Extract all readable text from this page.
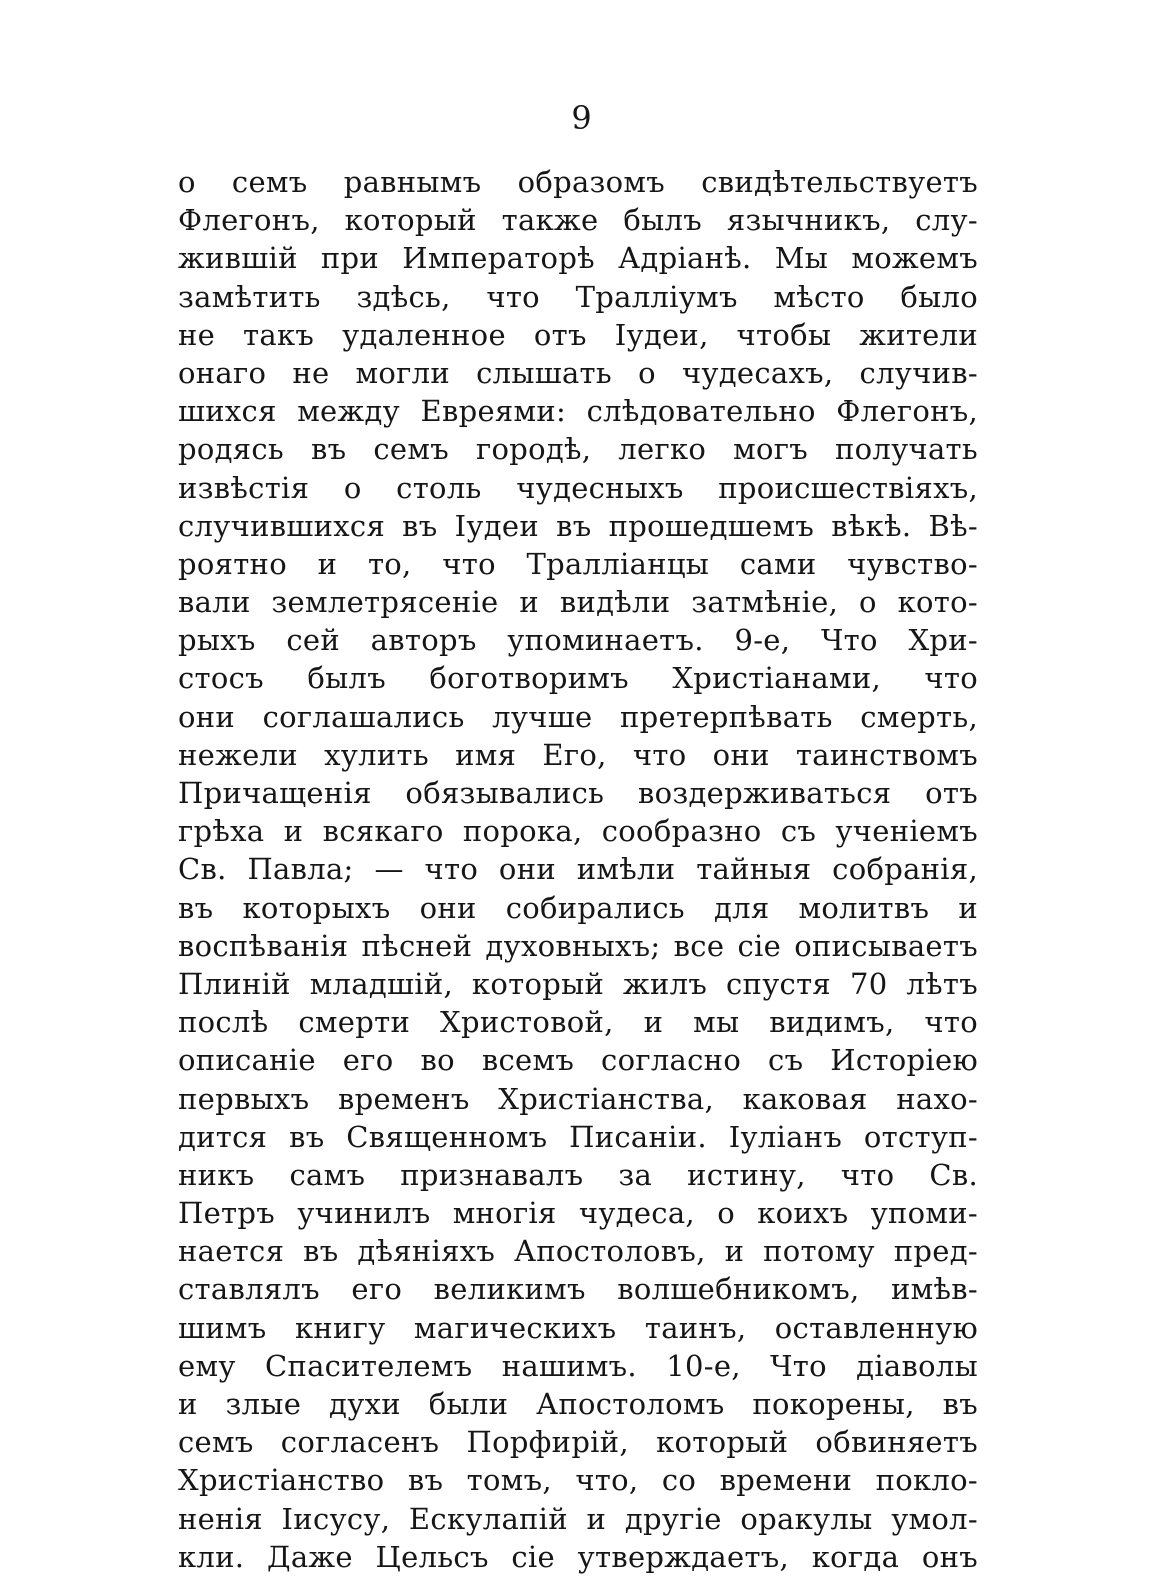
9
о семъ равнымъ образомъ свидѣтельствуетъ
Флегонъ, который также былъ язычникъ, слу-
жившій при Императорѣ Адріанѣ. Мы можемъ
замѣтить здѣсь, что Траллiумъ мѣсто было
не такъ удаленное отъ Іудеи, чтобы жители
онаго не могли слышать о чудесахъ, случив-
шихся между Евреями: слѣдовательно Флегонъ,
родясь въ семъ городѣ, легко могъ получать
извѣстія о столь чудесныхъ происшествіяхъ,
случившихся въ Іудеи въ прошедшемъ вѣкѣ. Вѣ-
роятно и то, что Тралліанцы сами чувство-
вали землетрясеніе и видѣли затмѣніе, о кото-
рыхъ сей авторъ упоминаетъ. 9-е, Что Хри-
стосъ былъ боготворимъ Христіанами, что
они соглашались лучше претерпѣвать смерть,
нежели хулить имя Его, что они таинствомъ
Причащенія обязывались воздерживаться отъ
грѣха и всякаго порока, сообразно съ ученіемъ
Св. Павла; — что они имѣли тайныя собранія,
въ которыхъ они собирались для молитвъ и
воспѣванія пѣсней духовныхъ; все сіе описываетъ
Плиній младшій, который жилъ спустя 70 лѣтъ
послѣ смерти Христовой, и мы видимъ, что
описаніе его во всемъ согласно съ Исторіею
первыхъ временъ Христіанства, каковая нахо-
дится въ Священномъ Писаніи. Іуліанъ отступ-
никъ самъ признавалъ за истину, что Св.
Петръ учинилъ многія чудеса, о коихъ упоми-
нается въ дѣяніяхъ Апостоловъ, и потому пред-
ставлялъ его великимъ волшебникомъ, имѣв-
шимъ книгу магическихъ таинъ, оставленную
ему Спасителемъ нашимъ. 10-е, Что діаволы
и злые духи были Апостоломъ покорены, въ
семъ согласенъ Порфирій, который обвиняетъ
Христіанство въ томъ, что, со времени покло-
ненія Іисусу, Ескулапій и другіе оракулы умол-
кли. Даже Цельсъ сіе утверждаетъ, когда онъ
